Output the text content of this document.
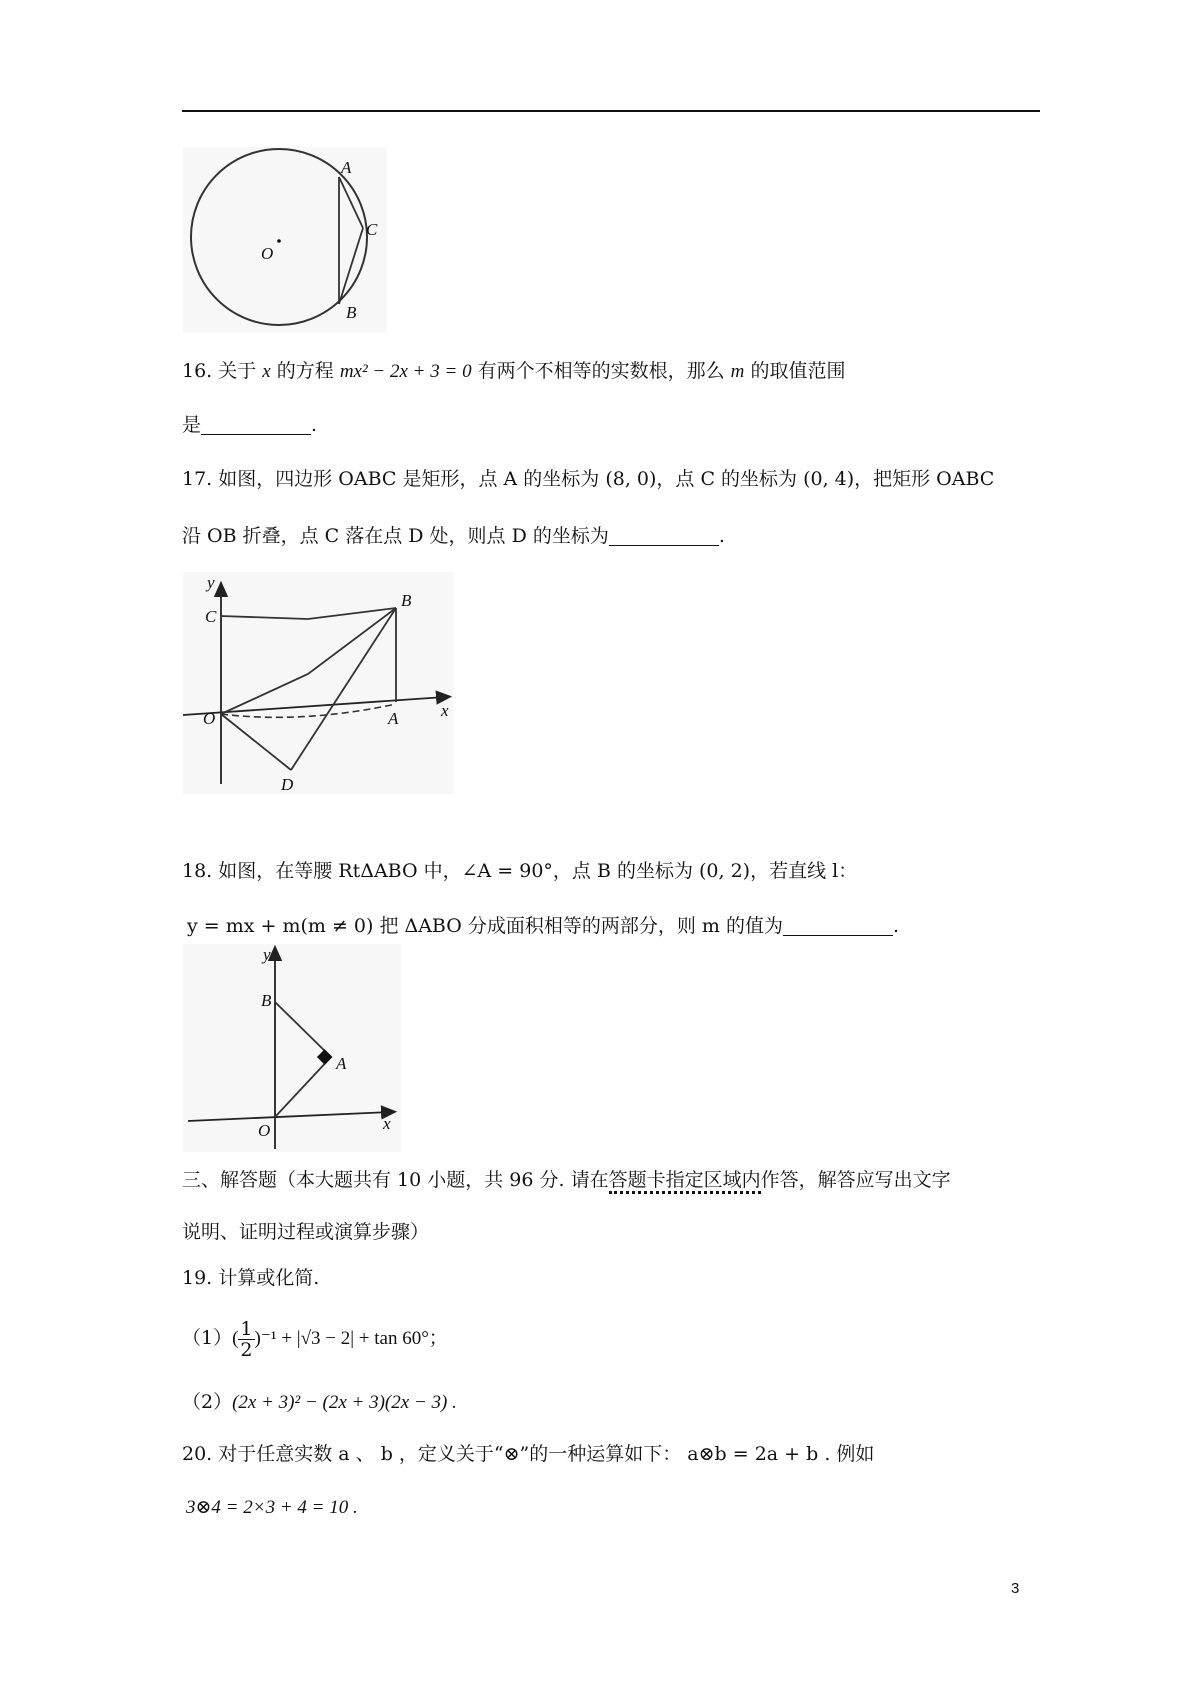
A
C
B
O
16. 关于 x 的方程 mx² − 2x + 3 = 0 有两个不相等的实数根，那么 m 的取值范围
是	.
17. 如图，四边形 OABC 是矩形，点 A 的坐标为 (8, 0)，点 C 的坐标为 (0, 4)，把矩形 OABC
沿 OB 折叠，点 C 落在点 D 处，则点 D 的坐标为	.
y
x
C
B
O	A
D
18. 如图，在等腰 RtΔABO 中，∠A = 90°，点 B 的坐标为 (0, 2)，若直线 l：
y = mx + m(m ≠ 0) 把 ΔABO 分成面积相等的两部分，则 m 的值为	.
y
x
B
A
O
三、解答题（本大题共有 10 小题，共 96 分. 请在答题卡指定区域内作答，解答应写出文字
说明、证明过程或演算步骤）
19. 计算或化简.
$(1)( \frac{1}{2} )^{-1} + |√3 - 2| + \tan 60^\circ$；
（2）(2x + 3)² − (2x + 3)(2x − 3) .
20. 对于任意实数 a 、 b ，定义关于“⊗”的一种运算如下： a⊗b = 2a + b . 例如
3⊗4 = 2×3 + 4 = 10 .
3
